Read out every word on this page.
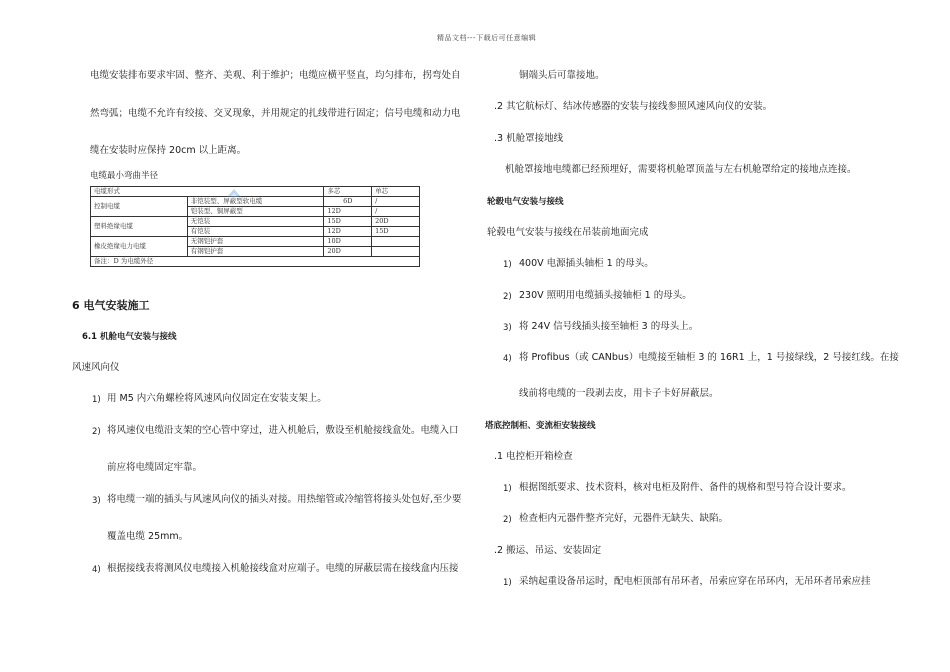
精品文档---下载后可任意编辑
电缆安装排布要求牢固、整齐、美观、利于维护；电缆应横平竖直，均匀排布，拐弯处自
然弯弧；电缆不允许有绞接、交叉现象，并用规定的扎线带进行固定；信号电缆和动力电
缆在安装时应保持 20cm 以上距离。
电缆最小弯曲半径
电缆形式		多芯	单芯
控制电缆	非铠装型、屏蔽型软电缆	6D	/
	铠装型、铜屏蔽型	12D	/
塑料绝缘电缆	无铠装	15D	20D
	有铠装	12D	15D
橡皮绝缘电力电缆	无钢铠护套	10D	
	有钢铠护套	20D	
备注：D 为电缆外径			
6 电气安装施工
6.1 机舱电气安装与接线
风速风向仪
1) 用 M5 内六角螺栓将风速风向仪固定在安装支架上。
2) 将风速仪电缆沿支架的空心管中穿过，进入机舱后，敷设至机舱接线盒处。电缆入口
前应将电缆固定牢靠。
3) 将电缆一端的插头与风速风向仪的插头对接。用热缩管或冷缩管将接头处包好,至少要
覆盖电缆 25mm。
4) 根据接线表将测风仪电缆接入机舱接线盒对应端子。电缆的屏蔽层需在接线盒内压接
铜端头后可靠接地。
.2 其它航标灯、结冰传感器的安装与接线参照风速风向仪的安装。
.3 机舱罩接地线
机舱罩接地电缆都已经预埋好，需要将机舱罩顶盖与左右机舱罩给定的接地点连接。
轮毂电气安装与接线
轮毂电气安装与接线在吊装前地面完成
1) 400V 电源插头轴柜 1 的母头。
2) 230V 照明用电缆插头接轴柜 1 的母头。
3) 将 24V 信号线插头接至轴柜 3 的母头上。
4) 将 Profibus（或 CANbus）电缆接至轴柜 3 的 16R1 上，1 号接绿线，2 号接红线。在接
线前将电缆的一段剥去皮，用卡子卡好屏蔽层。
塔底控制柜、变流柜安装接线
.1 电控柜开箱检查
1) 根据图纸要求、技术资料，核对电柜及附件、备件的规格和型号符合设计要求。
2) 检查柜内元器件整齐完好，元器件无缺失、缺陷。
.2 搬运、吊运、安装固定
1) 采纳起重设备吊运时，配电柜顶部有吊环者，吊索应穿在吊环内，无吊环者吊索应挂
